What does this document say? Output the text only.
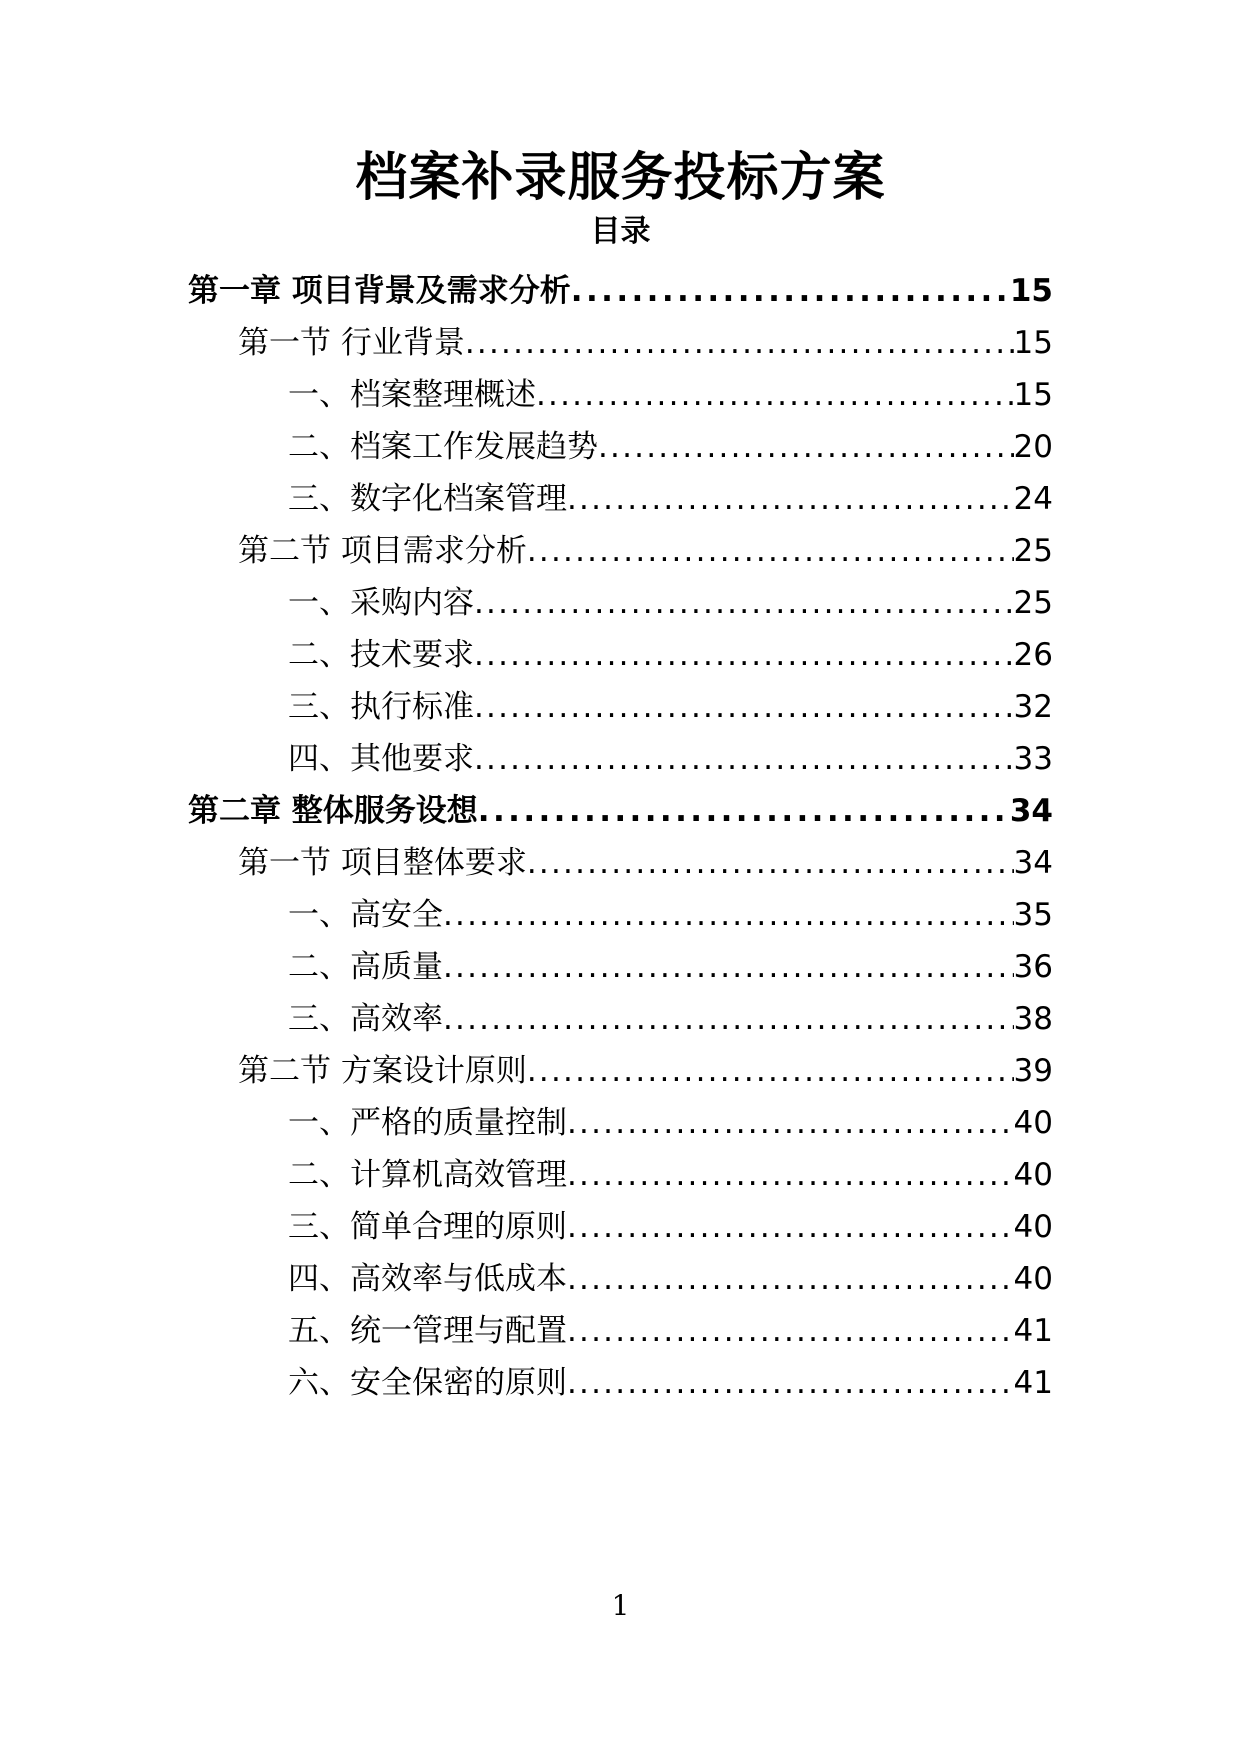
档案补录服务投标方案
目录
第一章 项目背景及需求分析 .....	15
第一节 行业背景 .....	15
一、档案整理概述 .....	15
二、档案工作发展趋势 .....	20
三、数字化档案管理 .....	24
第二节 项目需求分析 .....	25
一、采购内容 .....	25
二、技术要求 .....	26
三、执行标准 .....	32
四、其他要求 .....	33
第二章 整体服务设想 .....	34
第一节 项目整体要求 .....	34
一、高安全 .....	35
二、高质量 .....	36
三、高效率 .....	38
第二节 方案设计原则 .....	39
一、严格的质量控制 .....	40
二、计算机高效管理 .....	40
三、简单合理的原则 .....	40
四、高效率与低成本 .....	40
五、统一管理与配置 .....	41
六、安全保密的原则 .....	41
1
